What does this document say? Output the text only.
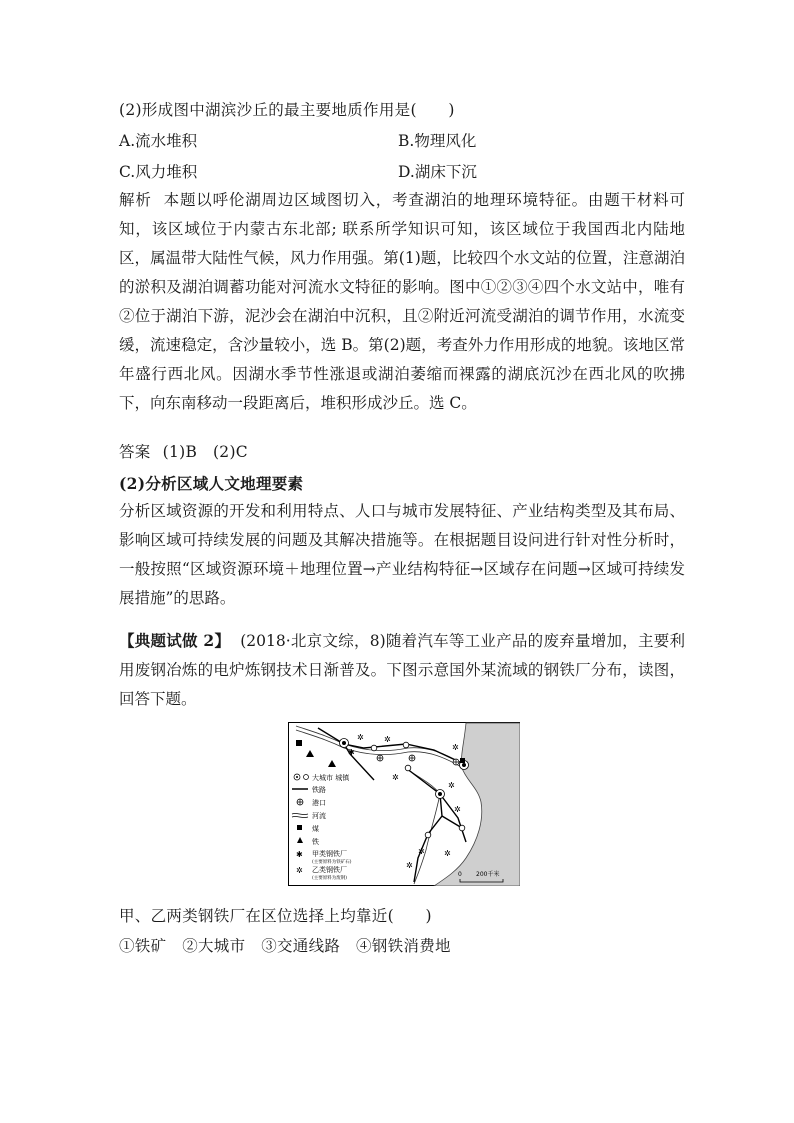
(2)形成图中湖滨沙丘的最主要地质作用是(　　)
A.流水堆积	B.物理风化
C.风力堆积	D.湖床下沉
解析 本题以呼伦湖周边区域图切入，考查湖泊的地理环境特征。由题干材料可知，该区域位于内蒙古东北部; 联系所学知识可知，该区域位于我国西北内陆地区，属温带大陆性气候，风力作用强。第(1)题，比较四个水文站的位置，注意湖泊的淤积及湖泊调蓄功能对河流水文特征的影响。图中①②③④四个水文站中，唯有②位于湖泊下游，泥沙会在湖泊中沉积，且②附近河流受湖泊的调节作用，水流变缓，流速稳定，含沙量较小，选 B。第(2)题，考查外力作用形成的地貌。该地区常年盛行西北风。因湖水季节性涨退或湖泊萎缩而裸露的湖底沉沙在西北风的吹拂下，向东南移动一段距离后，堆积形成沙丘。选 C。
答案 (1)B　(2)C
(2)分析区域人文地理要素
分析区域资源的开发和利用特点、人口与城市发展特征、产业结构类型及其布局、影响区域可持续发展的问题及其解决措施等。在根据题目设问进行针对性分析时，一般按照“区域资源环境＋地理位置→产业结构特征→区域存在问题→区域可持续发展措施”的思路。
【典题试做 2】 (2018·北京文综，8)随着汽车等工业产品的废弃量增加，主要利用废钢冶炼的电炉炼钢技术日渐普及。下图示意国外某流域的钢铁厂分布，读图，回答下题。
✱
✲	✲
✲
✲
✲
✲
✲
✲
✲
大城市 城镇
铁路
港口
河流
煤
铁
✱ 甲类钢铁厂
(主要原料为铁矿石)
✲ 乙类钢铁厂
(主要原料为废钢)
0 200千米
甲、乙两类钢铁厂在区位选择上均靠近(　　)
①铁矿　②大城市　③交通线路　④钢铁消费地
